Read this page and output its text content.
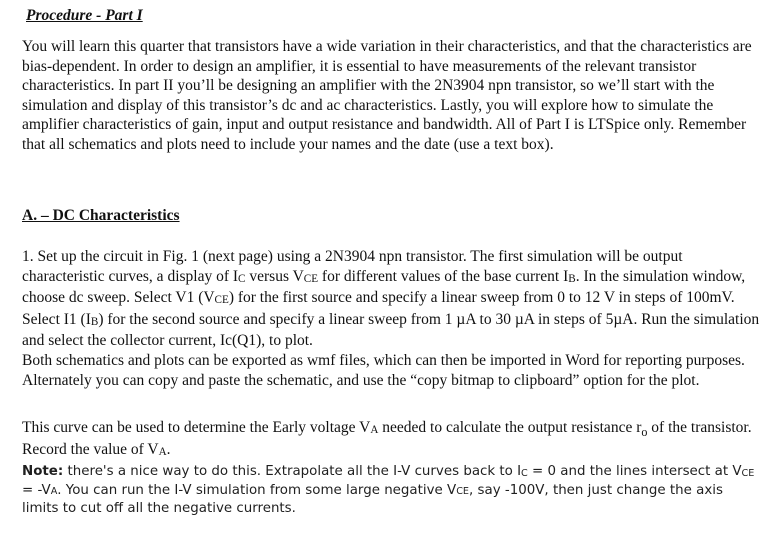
Procedure - Part I
You will learn this quarter that transistors have a wide variation in their characteristics, and that the characteristics are bias-dependent. In order to design an amplifier, it is essential to have measurements of the relevant transistor characteristics. In part II you’ll be designing an amplifier with the 2N3904 npn transistor, so we’ll start with the simulation and display of this transistor’s dc and ac characteristics. Lastly, you will explore how to simulate the amplifier characteristics of gain, input and output resistance and bandwidth. All of Part I is LTSpice only. Remember that all schematics and plots need to include your names and the date (use a text box).
A. – DC Characteristics
1. Set up the circuit in Fig. 1 (next page) using a 2N3904 npn transistor. The first simulation will be output characteristic curves, a display of IC versus VCE for different values of the base current IB. In the simulation window, choose dc sweep. Select V1 (VCE) for the first source and specify a linear sweep from 0 to 12 V in steps of 100mV. Select I1 (IB) for the second source and specify a linear sweep from 1 µA to 30 µA in steps of 5µA. Run the simulation and select the collector current, Ic(Q1), to plot.
Both schematics and plots can be exported as wmf files, which can then be imported in Word for reporting purposes. Alternately you can copy and paste the schematic, and use the “copy bitmap to clipboard” option for the plot.
This curve can be used to determine the Early voltage VA needed to calculate the output resistance $r_o$ of the transistor. Record the value of VA.
Note: there's a nice way to do this. Extrapolate all the I-V curves back to IC = 0 and the lines intersect at VCE = -VA. You can run the I-V simulation from some large negative VCE, say -100V, then just change the axis limits to cut off all the negative currents.
